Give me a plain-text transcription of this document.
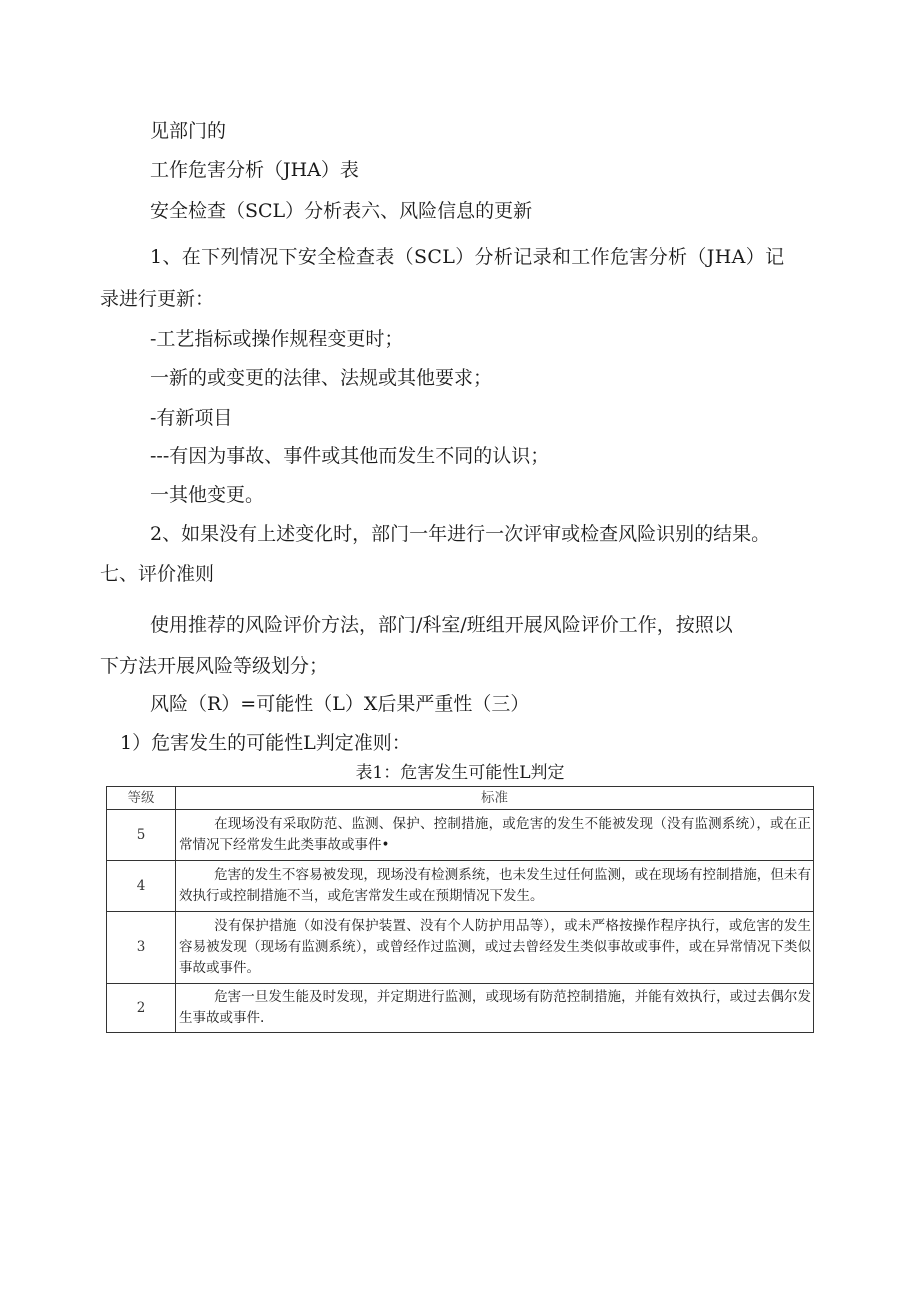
见部门的
工作危害分析（JHA）表
安全检查（SCL）分析表六、风险信息的更新
1、在下列情况下安全检查表（SCL）分析记录和工作危害分析（JHA）记
录进行更新：
-工艺指标或操作规程变更时；
一新的或变更的法律、法规或其他要求；
-有新项目
---有因为事故、事件或其他而发生不同的认识；
一其他变更。
2、如果没有上述变化时，部门一年进行一次评审或检查风险识别的结果。
七、评价准则
使用推荐的风险评价方法，部门/科室/班组开展风险评价工作，按照以
下方法开展风险等级划分；
风险（R）=可能性（L）X后果严重性（三）
1）危害发生的可能性L判定准则：
表1：危害发生可能性L判定
等级	标准
5	在现场没有采取防范、监测、保护、控制措施，或危害的发生不能被发现（没有监测系统），或在正常情况下经常发生此类事故或事件•
4	危害的发生不容易被发现，现场没有检测系统，也未发生过任何监测，或在现场有控制措施，但未有效执行或控制措施不当，或危害常发生或在预期情况下发生。
3	没有保护措施（如没有保护装置、没有个人防护用品等），或未严格按操作程序执行，或危害的发生容易被发现（现场有监测系统），或曾经作过监测，或过去曾经发生类似事故或事件，或在异常情况下类似事故或事件。
2	危害一旦发生能及时发现，并定期进行监测，或现场有防范控制措施，并能有效执行，或过去偶尔发生事故或事件.
